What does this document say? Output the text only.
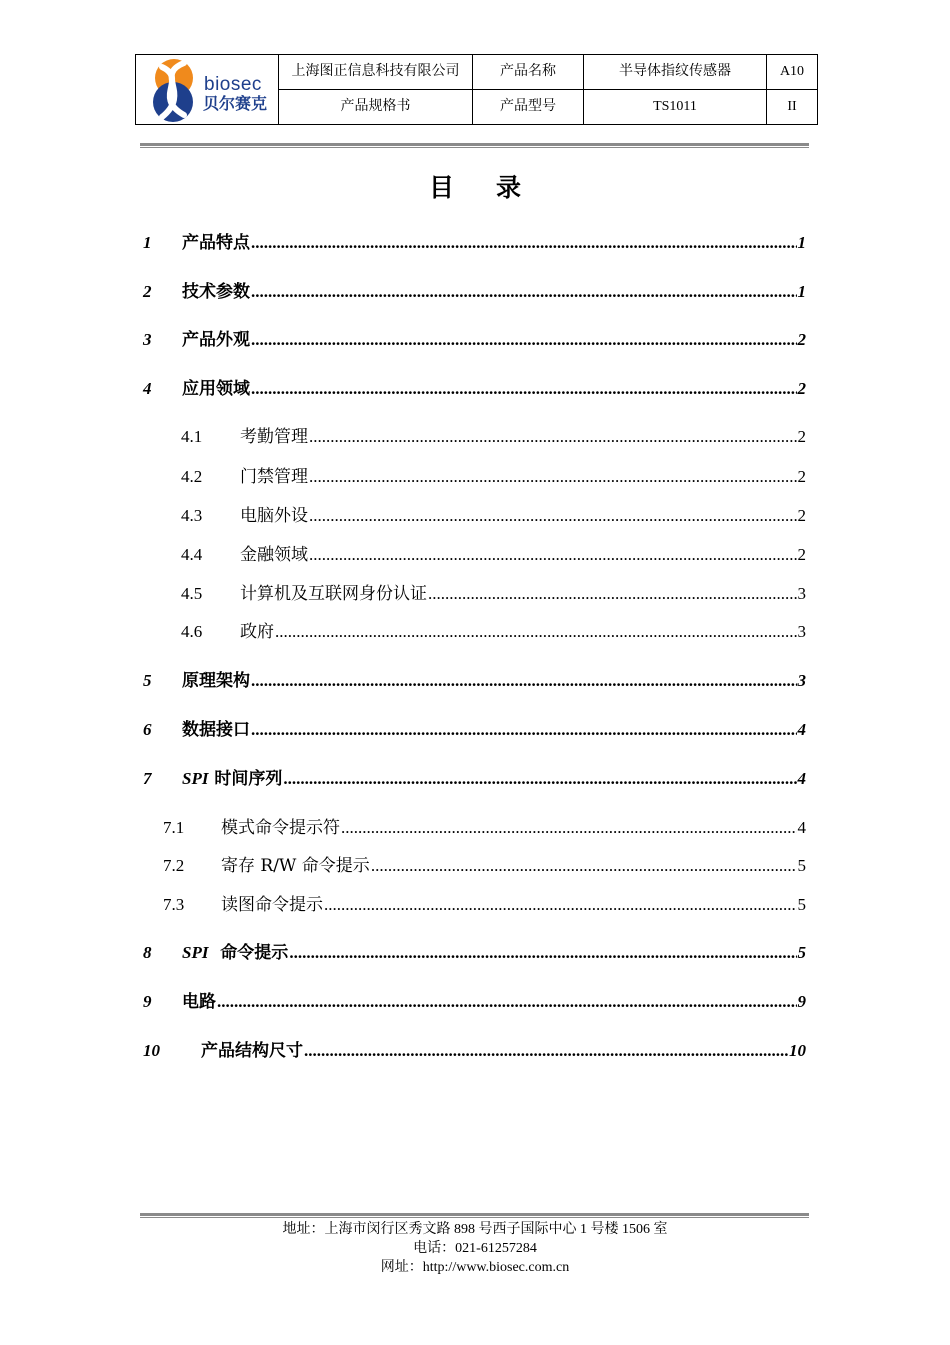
biosec
贝尔赛克	上海图正信息科技有限公司	产品名称	半导体指纹传感器	A10
	产品规格书	产品型号	TS1011	II
目录
1	产品特点 .....	1
2	技术参数 .....	1
3	产品外观 .....	2
4	应用领域 .....	2
4.1	考勤管理 .....	2
4.2	门禁管理 .....	2
4.3	电脑外设 .....	2
4.4	金融领域 .....	2
4.5	计算机及互联网身份认证 .....	3
4.6	政府 .....	3
5	原理架构 .....	3
6	数据接口 .....	4
7	SPI 时间序列 .....	4
7.1	模式命令提示符 .....	4
7.2	寄存 R/W 命令提示 .....	5
7.3	读图命令提示 .....	5
8	SPI  命令提示 .....	5
9	电路 .....	9
10	产品结构尺寸 .....	10
地址：上海市闵行区秀文路 898 号西子国际中心 1 号楼 1506 室
电话：021-61257284
网址：http://www.biosec.com.cn
